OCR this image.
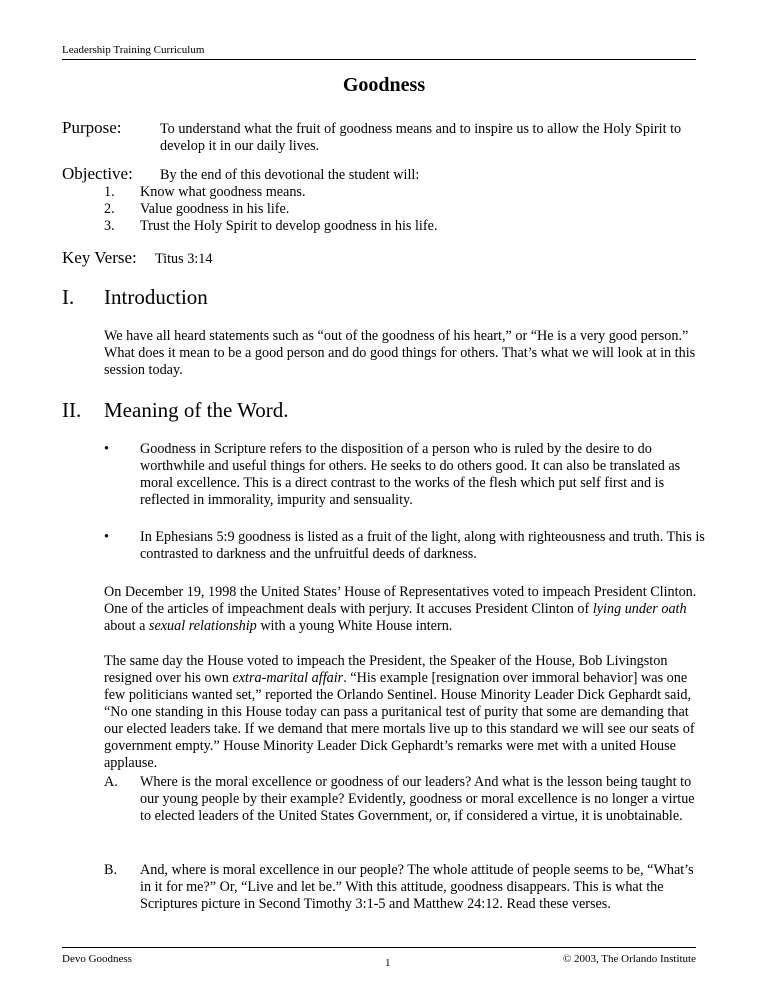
Leadership Training Curriculum
Goodness
Purpose:	To understand what the fruit of goodness means and to inspire us to allow the Holy Spirit to develop it in our daily lives.
Objective: By the end of this devotional the student will:
1. Know what goodness means.
2. Value goodness in his life.
3. Trust the Holy Spirit to develop goodness in his life.
Key Verse: Titus 3:14
I. Introduction
We have all heard statements such as “out of the goodness of his heart,” or “He is a very good person.” What does it mean to be a good person and do good things for others. That’s what we will look at in this session today.
II. Meaning of the Word.
• Goodness in Scripture refers to the disposition of a person who is ruled by the desire to do worthwhile and useful things for others. He seeks to do others good. It can also be translated as moral excellence. This is a direct contrast to the works of the flesh which put self first and is reflected in immorality, impurity and sensuality.
• In Ephesians 5:9 goodness is listed as a fruit of the light, along with righteousness and truth. This is contrasted to darkness and the unfruitful deeds of darkness.
On December 19, 1998 the United States’ House of Representatives voted to impeach President Clinton. One of the articles of impeachment deals with perjury. It accuses President Clinton of lying under oath about a sexual relationship with a young White House intern.
The same day the House voted to impeach the President, the Speaker of the House, Bob Livingston resigned over his own extra-marital affair. “His example [resignation over immoral behavior] was one few politicians wanted set,” reported the Orlando Sentinel. House Minority Leader Dick Gephardt said, “No one standing in this House today can pass a puritanical test of purity that some are demanding that our elected leaders take. If we demand that mere mortals live up to this standard we will see our seats of government empty.” House Minority Leader Dick Gephardt’s remarks were met with a united House applause.
A. Where is the moral excellence or goodness of our leaders? And what is the lesson being taught to our young people by their example? Evidently, goodness or moral excellence is no longer a virtue to elected leaders of the United States Government, or, if considered a virtue, it is unobtainable.
B. And, where is moral excellence in our people? The whole attitude of people seems to be, “What’s in it for me?” Or, “Live and let be.” With this attitude, goodness disappears. This is what the Scriptures picture in Second Timothy 3:1-5 and Matthew 24:12. Read these verses.
Devo Goodness	1	© 2003, The Orlando Institute
